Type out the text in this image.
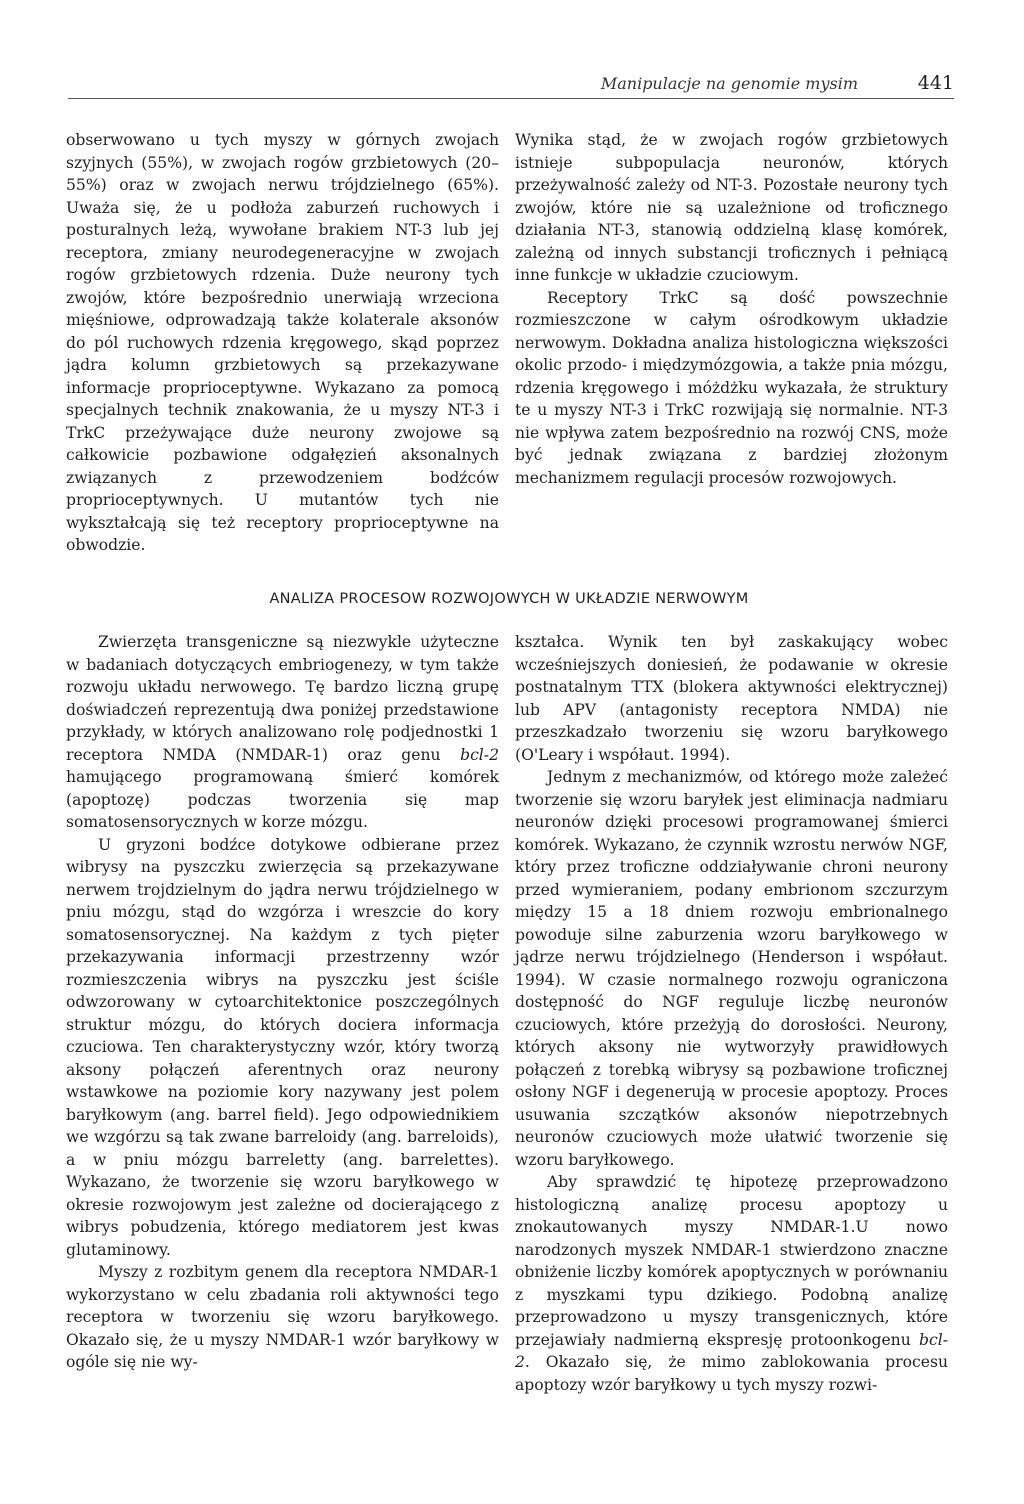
Manipulacje na genomie mysim	441

obserwowano u tych myszy w górnych zwojach szyjnych (55%), w zwojach rogów grzbietowych (20–55%) oraz w zwojach nerwu trójdzielnego (65%). Uważa się, że u podłoża zaburzeń ruchowych i posturalnych leżą, wywołane brakiem NT-3 lub jej receptora, zmiany neurodegeneracyjne w zwojach rogów grzbietowych rdzenia. Duże neurony tych zwojów, które bezpośrednio unerwiają wrzeciona mięśniowe, odprowadzają także kolaterale aksonów do pól ruchowych rdzenia kręgowego, skąd poprzez jądra kolumn grzbietowych są przekazywane informacje proprioceptywne. Wykazano za pomocą specjalnych technik znakowania, że u myszy NT-3 i TrkC przeżywające duże neurony zwojowe są całkowicie pozbawione odgałęzień aksonalnych związanych z przewodzeniem bodźców proprioceptywnych. U mutantów tych nie wykształcają się też receptory proprioceptywne na obwodzie.

Wynika stąd, że w zwojach rogów grzbietowych istnieje subpopulacja neuronów, których przeżywalność zależy od NT-3. Pozostałe neurony tych zwojów, które nie są uzależnione od troficznego działania NT-3, stanowią oddzielną klasę komórek, zależną od innych substancji troficznych i pełniącą inne funkcje w układzie czuciowym.

Receptory TrkC są dość powszechnie rozmieszczone w całym ośrodkowym układzie nerwowym. Dokładna analiza histologiczna większości okolic przodo- i międzymózgowia, a także pnia mózgu, rdzenia kręgowego i móżdżku wykazała, że struktury te u myszy NT-3 i TrkC rozwijają się normalnie. NT-3 nie wpływa zatem bezpośrednio na rozwój CNS, może być jednak związana z bardziej złożonym mechanizmem regulacji procesów rozwojowych.

ANALIZA PROCESOW ROZWOJOWYCH W UKŁADZIE NERWOWYM

Zwierzęta transgeniczne są niezwykle użyteczne w badaniach dotyczących embriogenezy, w tym także rozwoju układu nerwowego. Tę bardzo liczną grupę doświadczeń reprezentują dwa poniżej przedstawione przykłady, w których analizowano rolę podjednostki 1 receptora NMDA (NMDAR-1) oraz genu bcl-2 hamującego programowaną śmierć komórek (apoptozę) podczas tworzenia się map somatosensorycznych w korze mózgu.

U gryzoni bodźce dotykowe odbierane przez wibrysy na pyszczku zwierzęcia są przekazywane nerwem trojdzielnym do jądra nerwu trójdzielnego w pniu mózgu, stąd do wzgórza i wreszcie do kory somatosensorycznej. Na każdym z tych pięter przekazywania informacji przestrzenny wzór rozmieszczenia wibrys na pyszczku jest ściśle odwzorowany w cytoarchitektonice poszczególnych struktur mózgu, do których dociera informacja czuciowa. Ten charakterystyczny wzór, który tworzą aksony połączeń aferentnych oraz neurony wstawkowe na poziomie kory nazywany jest polem baryłkowym (ang. barrel field). Jego odpowiednikiem we wzgórzu są tak zwane barreloidy (ang. barreloids), a w pniu mózgu barreletty (ang. barrelettes). Wykazano, że tworzenie się wzoru baryłkowego w okresie rozwojowym jest zależne od docierającego z wibrys pobudzenia, którego mediatorem jest kwas glutaminowy.

Myszy z rozbitym genem dla receptora NMDAR-1 wykorzystano w celu zbadania roli aktywności tego receptora w tworzeniu się wzoru baryłkowego. Okazało się, że u myszy NMDAR-1 wzór baryłkowy w ogóle się nie wy-

kształca. Wynik ten był zaskakujący wobec wcześniejszych doniesień, że podawanie w okresie postnatalnym TTX (blokera aktywności elektrycznej) lub APV (antagonisty receptora NMDA) nie przeszkadzało tworzeniu się wzoru baryłkowego (O'Leary i współaut. 1994).

Jednym z mechanizmów, od którego może zależeć tworzenie się wzoru baryłek jest eliminacja nadmiaru neuronów dzięki procesowi programowanej śmierci komórek. Wykazano, że czynnik wzrostu nerwów NGF, który przez troficzne oddziaływanie chroni neurony przed wymieraniem, podany embrionom szczurzym między 15 a 18 dniem rozwoju embrionalnego powoduje silne zaburzenia wzoru baryłkowego w jądrze nerwu trójdzielnego (Henderson i współaut. 1994). W czasie normalnego rozwoju ograniczona dostępność do NGF reguluje liczbę neuronów czuciowych, które przeżyją do dorosłości. Neurony, których aksony nie wytworzyły prawidłowych połączeń z torebką wibrysy są pozbawione troficznej osłony NGF i degenerują w procesie apoptozy. Proces usuwania szczątków aksonów niepotrzebnych neuronów czuciowych może ułatwić tworzenie się wzoru baryłkowego.

Aby sprawdzić tę hipotezę przeprowadzono histologiczną analizę procesu apoptozy u znokautowanych myszy NMDAR-1.U nowo narodzonych myszek NMDAR-1 stwierdzono znaczne obniżenie liczby komórek apoptycznych w porównaniu z myszkami typu dzikiego. Podobną analizę przeprowadzono u myszy transgenicznych, które przejawiały nadmierną ekspresję protoonkogenu bcl-2. Okazało się, że mimo zablokowania procesu apoptozy wzór baryłkowy u tych myszy rozwi-
